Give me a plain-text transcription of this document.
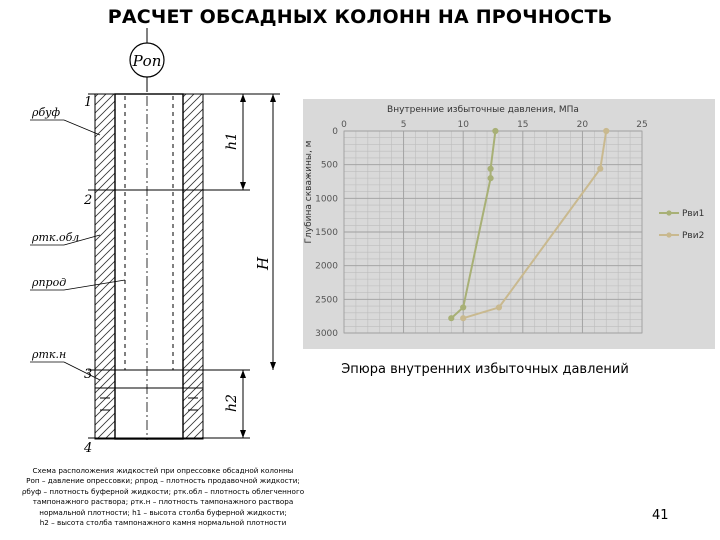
РАСЧЕТ ОБСАДНЫХ КОЛОНН НА ПРОЧНОСТЬ
Роп
h1
H
h2
1
2
3
4
ρбуф
ρтк.обл
ρпрод
ρтк.н
0	5	10	15	20	25
0
500
1000
1500
2000
2500
3000
Внутренние избыточные давления, МПа
Глубина скважины, м	Рви1
Рви2
Эпюра внутренних избыточных давлений
Схема расположения жидкостей при опрессовке обсадной колонны
Роп – давление опрессовки; ρпрод – плотность продавочной жидкости;
ρбуф – плотность буферной жидкости; ρтк.обл – плотность облегченного
тампонажного раствора; ρтк.н – плотность тампонажного раствора
нормальной плотности; h1 – высота столба буферной жидкости;
h2 – высота столба тампонажного камня нормальной плотности	41
